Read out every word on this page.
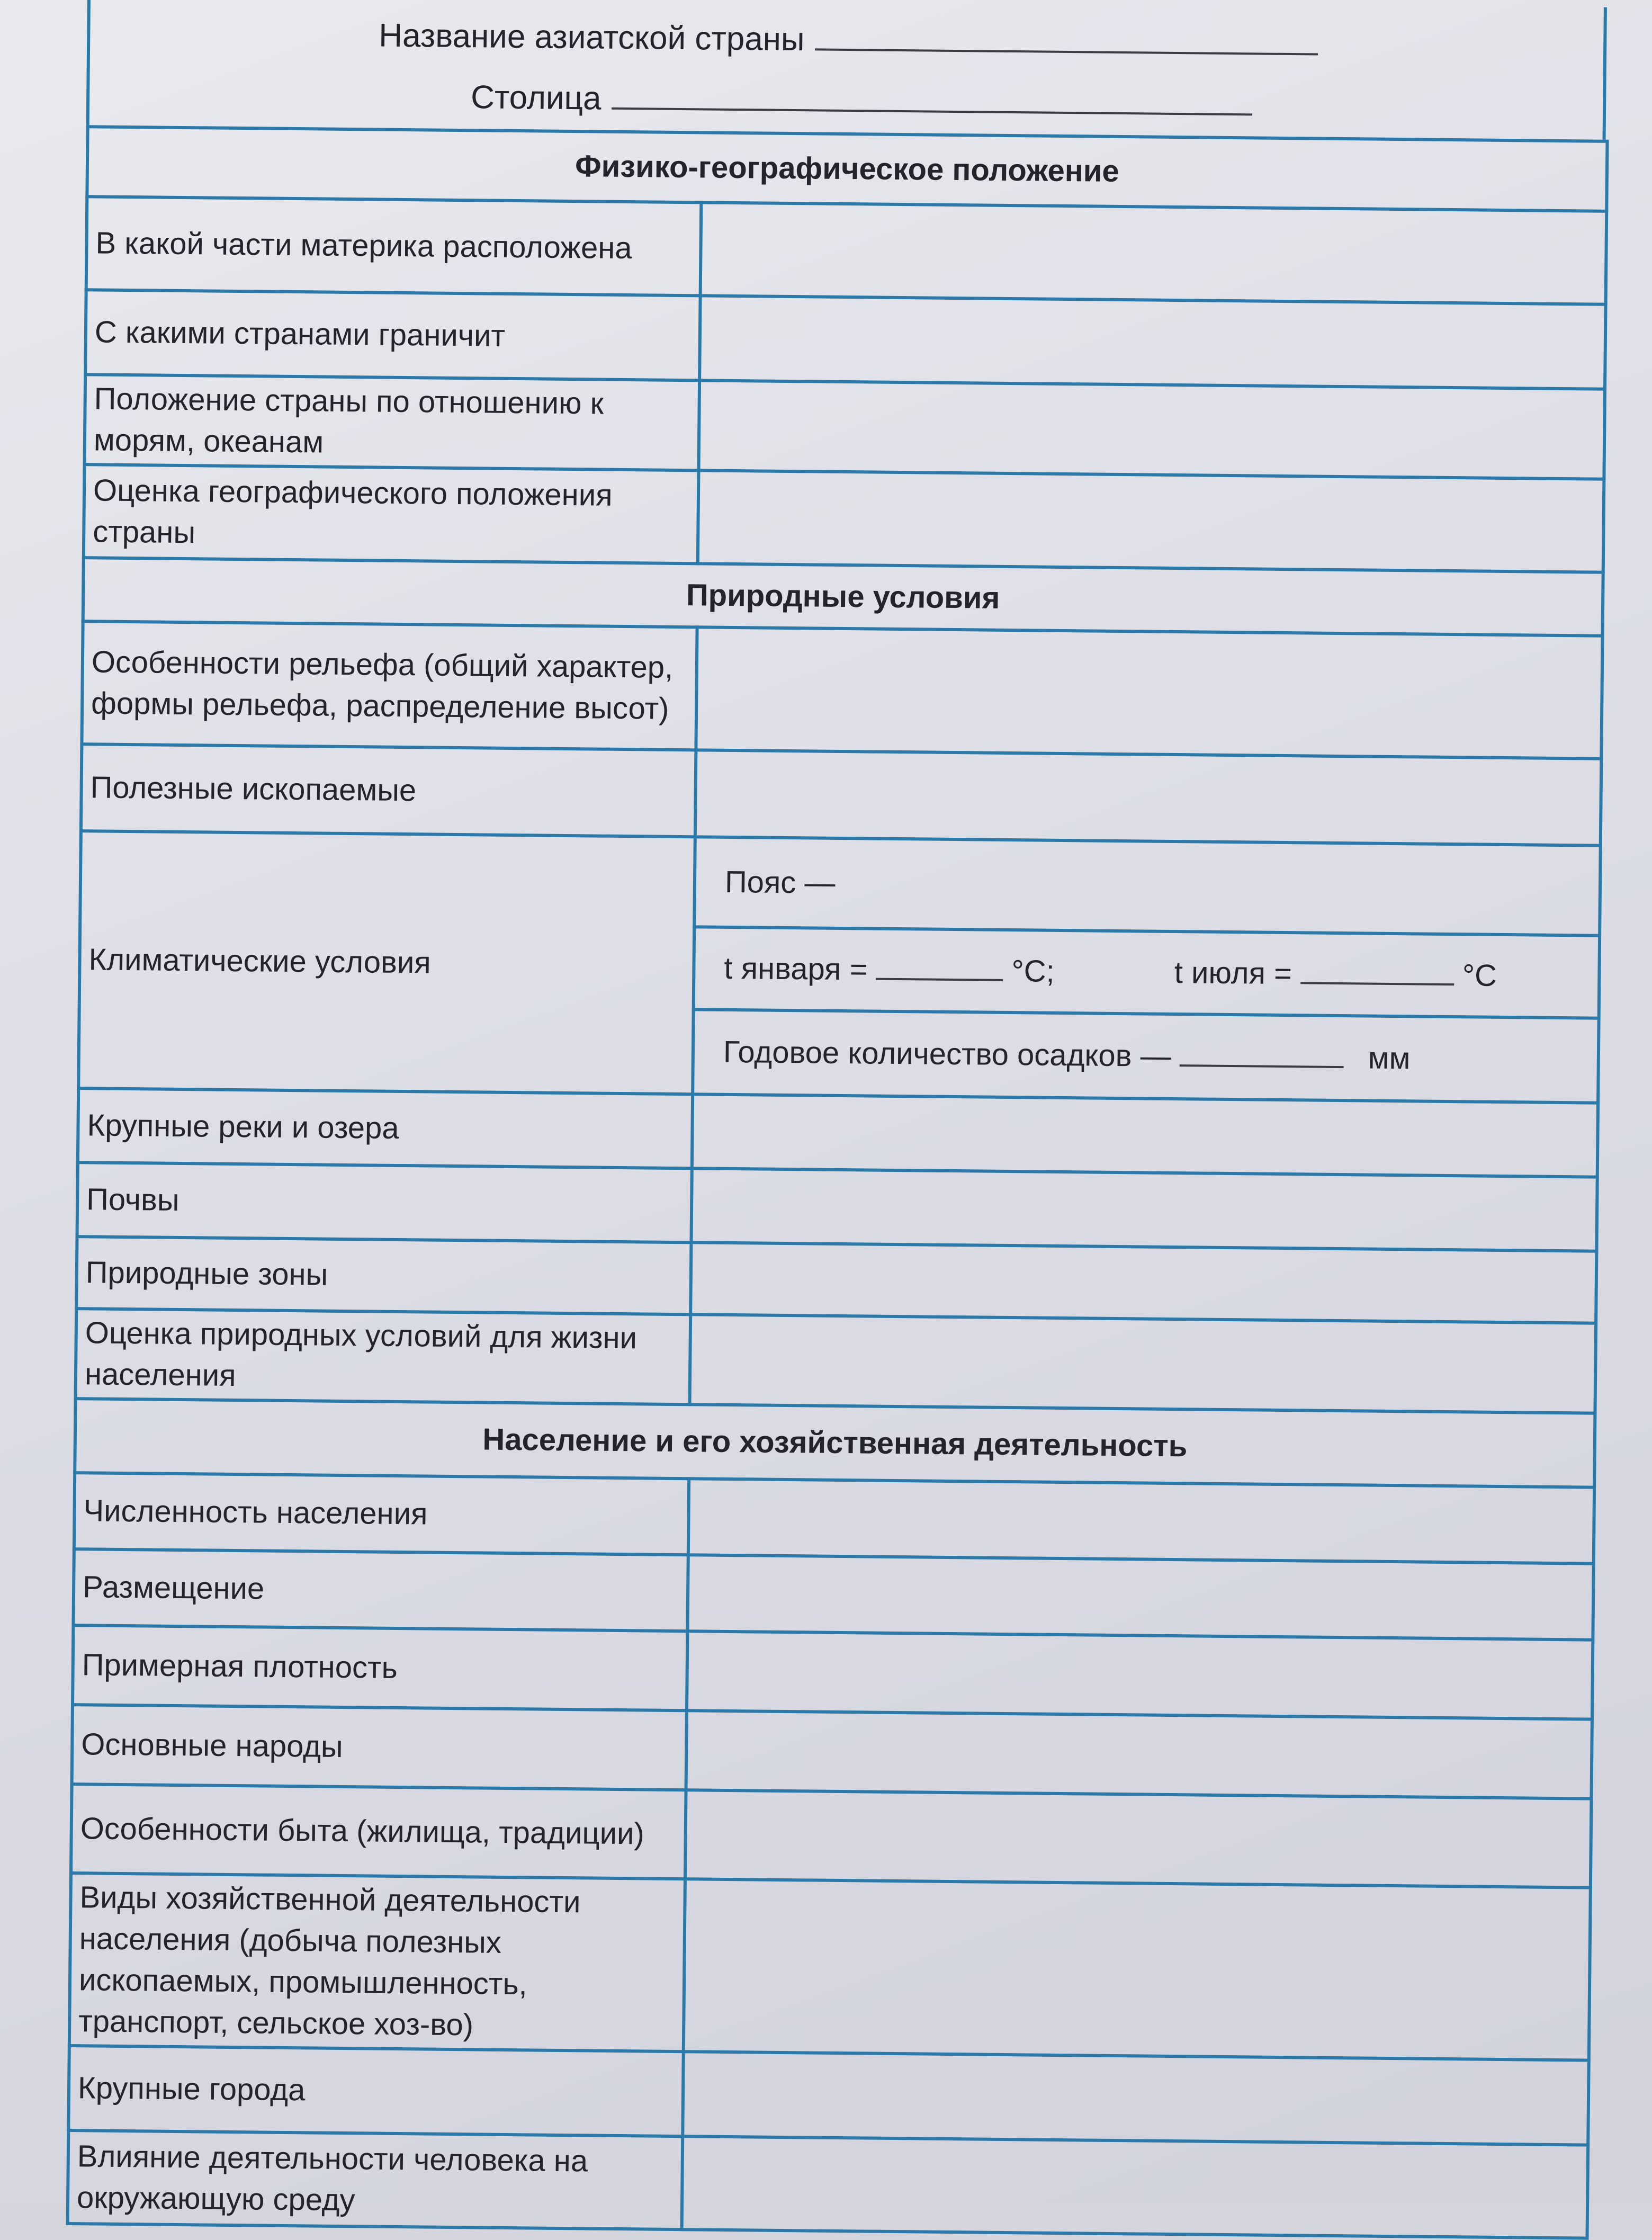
Название азиатской страны
Столица
Физико-географическое положение	
В какой части материка расположена	
С какими странами граничит	
Положение страны по отношению к морям, океанам	
Оценка географического положения страны	
Природные условия	
Особенности рельефа (общий характер, формы рельефа, распределение высот)	
Полезные ископаемые	
Климатические условия	Пояс —
	t января = °С; t июля = °С
	Годовое количество осадков — мм
Крупные реки и озера	
Почвы	
Природные зоны	
Оценка природных условий для жизни населения	
Население и его хозяйственная деятельность	
Численность населения	
Размещение	
Примерная плотность	
Основные народы	
Особенности быта (жилища, традиции)	
Виды хозяйственной деятельности населения (добыча полезных ископаемых, промышленность, транспорт, сельское хоз-во)	
Крупные города	
Влияние деятельности человека на окружающую среду	
